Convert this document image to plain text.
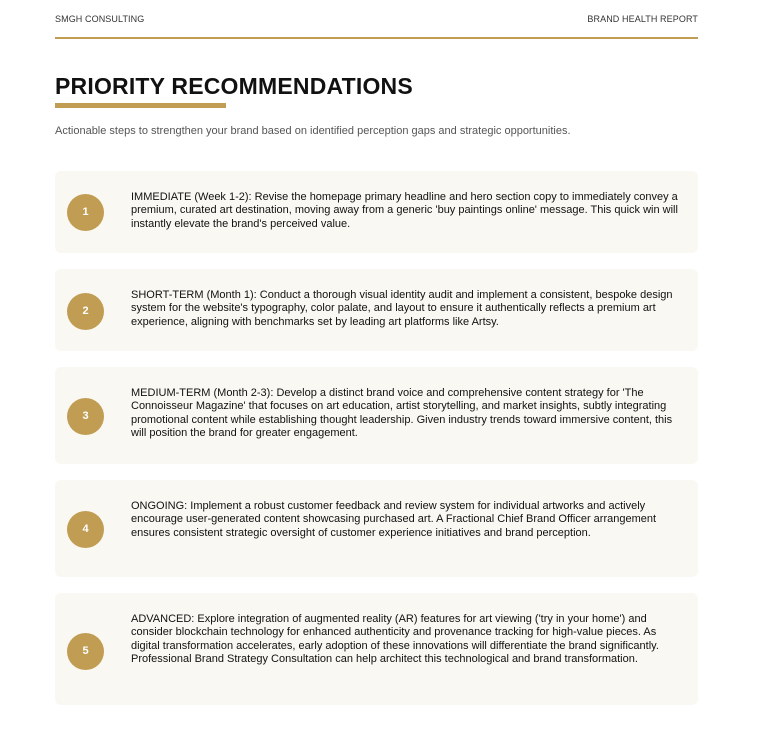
SMGH CONSULTING	BRAND HEALTH REPORT
PRIORITY RECOMMENDATIONS

Actionable steps to strengthen your brand based on identified perception gaps and strategic opportunities.

1

IMMEDIATE (Week 1-2): Revise the homepage primary headline and hero section copy to immediately convey a premium, curated art destination, moving away from a generic 'buy paintings online' message. This quick win will instantly elevate the brand's perceived value.

2

SHORT-TERM (Month 1): Conduct a thorough visual identity audit and implement a consistent, bespoke design system for the website's typography, color palate, and layout to ensure it authentically reflects a premium art experience, aligning with benchmarks set by leading art platforms like Artsy.

3

MEDIUM-TERM (Month 2-3): Develop a distinct brand voice and comprehensive content strategy for 'The Connoisseur Magazine' that focuses on art education, artist storytelling, and market insights, subtly integrating promotional content while establishing thought leadership. Given industry trends toward immersive content, this will position the brand for greater engagement.

4

ONGOING: Implement a robust customer feedback and review system for individual artworks and actively encourage user-generated content showcasing purchased art. A Fractional Chief Brand Officer arrangement ensures consistent strategic oversight of customer experience initiatives and brand perception.

5

ADVANCED: Explore integration of augmented reality (AR) features for art viewing ('try in your home') and consider blockchain technology for enhanced authenticity and provenance tracking for high-value pieces. As digital transformation accelerates, early adoption of these innovations will differentiate the brand significantly. Professional Brand Strategy Consultation can help architect this technological and brand transformation.
